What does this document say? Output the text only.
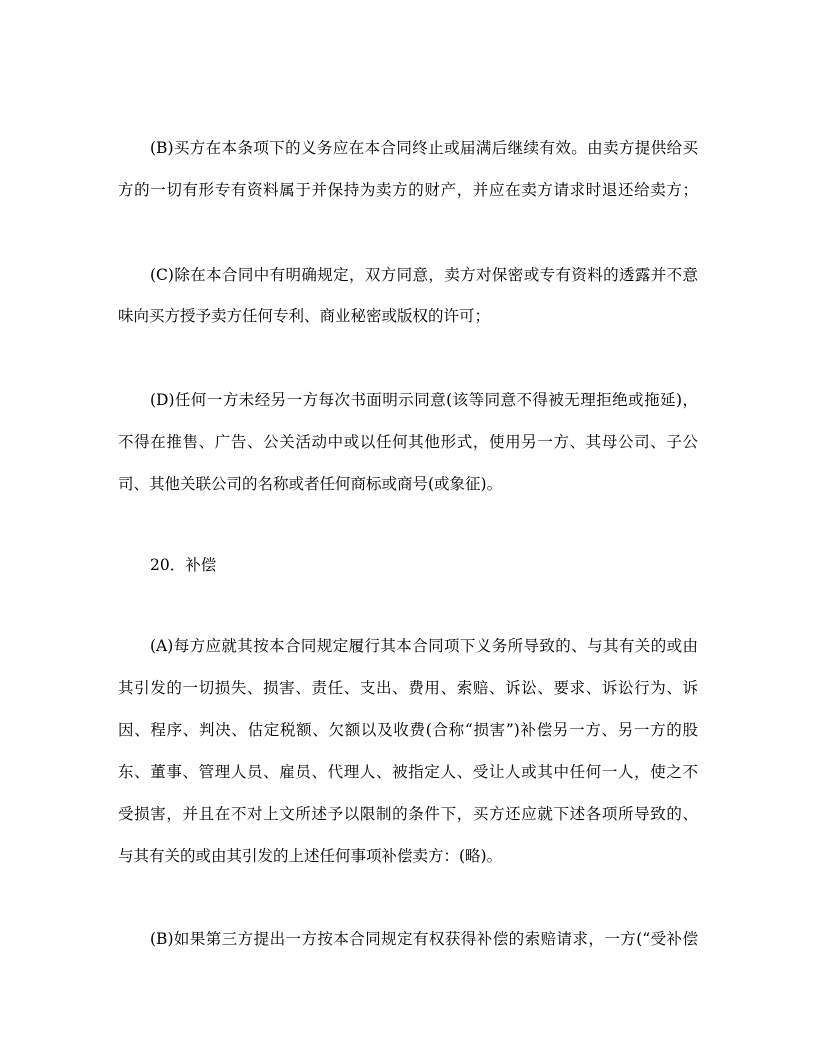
(B)买方在本条项下的义务应在本合同终止或届满后继续有效。由卖方提供给买
方的一切有形专有资料属于并保持为卖方的财产，并应在卖方请求时退还给卖方；
(C)除在本合同中有明确规定，双方同意，卖方对保密或专有资料的透露并不意
味向买方授予卖方任何专利、商业秘密或版权的许可；
(D)任何一方未经另一方每次书面明示同意(该等同意不得被无理拒绝或拖延)，
不得在推售、广告、公关活动中或以任何其他形式，使用另一方、其母公司、子公
司、其他关联公司的名称或者任何商标或商号(或象征)。
20．补偿
(A)每方应就其按本合同规定履行其本合同项下义务所导致的、与其有关的或由
其引发的一切损失、损害、责任、支出、费用、索赔、诉讼、要求、诉讼行为、诉
因、程序、判决、估定税额、欠额以及收费(合称“损害”)补偿另一方、另一方的股
东、董事、管理人员、雇员、代理人、被指定人、受让人或其中任何一人，使之不
受损害，并且在不对上文所述予以限制的条件下，买方还应就下述各项所导致的、
与其有关的或由其引发的上述任何事项补偿卖方：(略)。
(B)如果第三方提出一方按本合同规定有权获得补偿的索赔请求，一方(“受补偿
